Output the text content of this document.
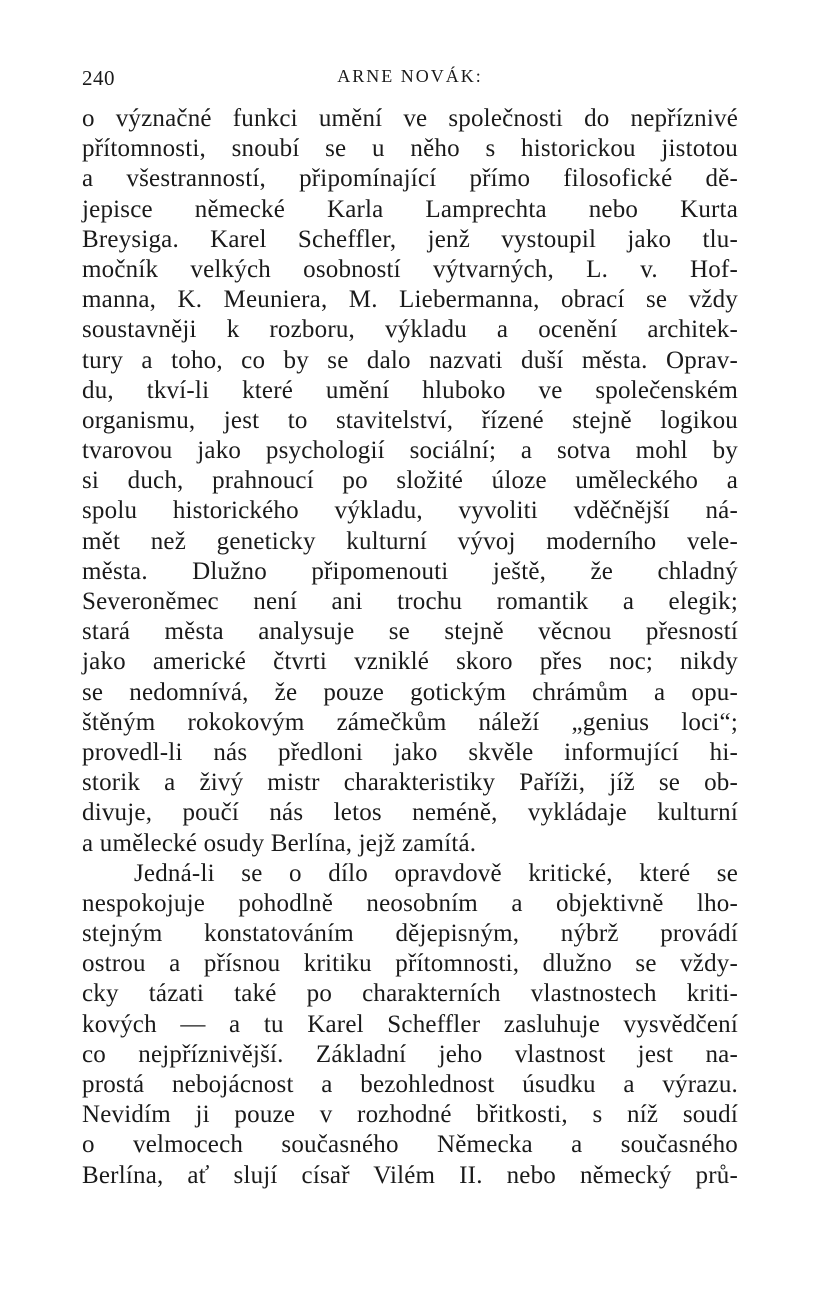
240	ARNE NOVÁK:
o význačné funkci umění ve společnosti do nepříznivé
přítomnosti, snoubí se u něho s historickou jistotou
a všestranností, připomínající přímo filosofické dě-
jepisce německé Karla Lamprechta nebo Kurta
Breysiga. Karel Scheffler, jenž vystoupil jako tlu-
močník velkých osobností výtvarných, L. v. Hof-
manna, K. Meuniera, M. Liebermanna, obrací se vždy
soustavněji k rozboru, výkladu a ocenění architek-
tury a toho, co by se dalo nazvati duší města. Oprav-
du, tkví-li které umění hluboko ve společenském
organismu, jest to stavitelství, řízené stejně logikou
tvarovou jako psychologií sociální; a sotva mohl by
si duch, prahnoucí po složité úloze uměleckého a
spolu historického výkladu, vyvoliti vděčnější ná-
mět než geneticky kulturní vývoj moderního vele-
města. Dlužno připomenouti ještě, že chladný
Severoněmec není ani trochu romantik a elegik;
stará města analysuje se stejně věcnou přesností
jako americké čtvrti vzniklé skoro přes noc; nikdy
se nedomnívá, že pouze gotickým chrámům a opu-
štěným rokokovým zámečkům náleží „genius loci“;
provedl-li nás předloni jako skvěle informující hi-
storik a živý mistr charakteristiky Paříži, jíž se ob-
divuje, poučí nás letos neméně, vykládaje kulturní
a umělecké osudy Berlína, jejž zamítá.
Jedná-li se o dílo opravdově kritické, které se
nespokojuje pohodlně neosobním a objektivně lho-
stejným konstatováním dějepisným, nýbrž provádí
ostrou a přísnou kritiku přítomnosti, dlužno se vždy-
cky tázati také po charakterních vlastnostech kriti-
kových — a tu Karel Scheffler zasluhuje vysvědčení
co nejpříznivější. Základní jeho vlastnost jest na-
prostá nebojácnost a bezohlednost úsudku a výrazu.
Nevidím ji pouze v rozhodné břitkosti, s níž soudí
o velmocech současného Německa a současného
Berlína, ať slují císař Vilém II. nebo německý prů-
